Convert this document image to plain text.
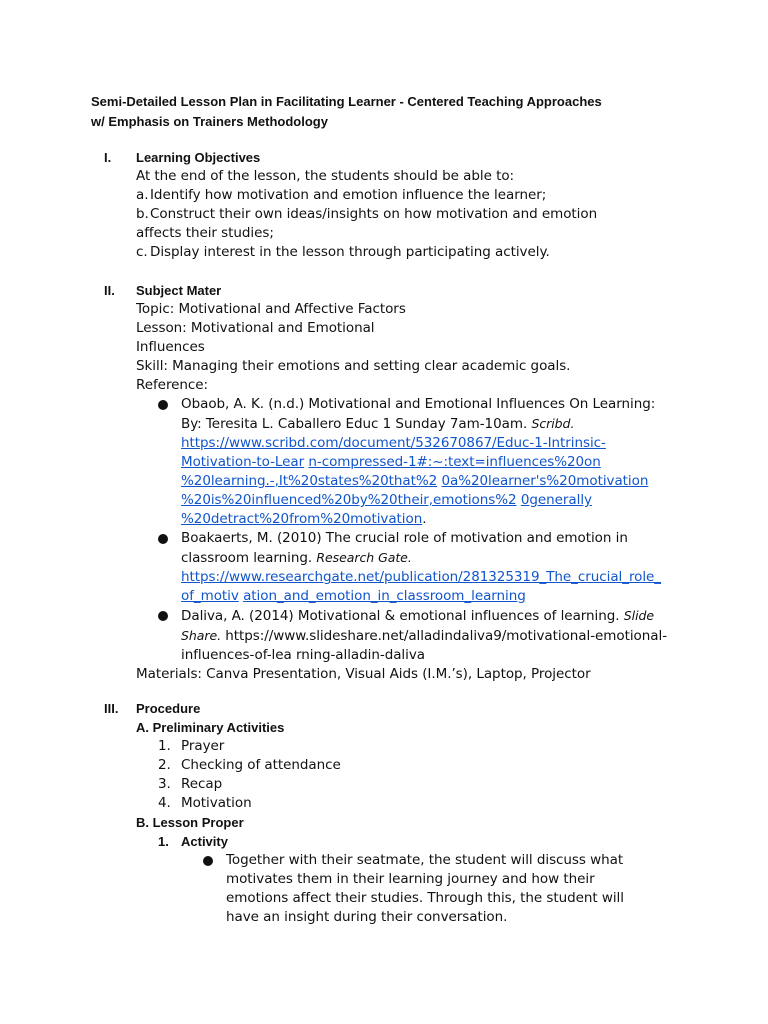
Semi-Detailed Lesson Plan in Facilitating Learner - Centered Teaching Approaches
w/ Emphasis on Trainers Methodology
I. Learning Objectives
At the end of the lesson, the students should be able to:
a. Identify how motivation and emotion influence the learner;
b. Construct their own ideas/insights on how motivation and emotion
affects their studies;
c. Display interest in the lesson through participating actively.
II. Subject Mater
Topic: Motivational and Affective Factors
Lesson: Motivational and Emotional
Influences
Skill: Managing their emotions and setting clear academic goals.
Reference:
Obaob, A. K. (n.d.) Motivational and Emotional Influences On Learning:
By: Teresita L. Caballero Educ 1 Sunday 7am-10am. Scribd.
https://www.scribd.com/document/532670867/Educ-1-Intrinsic-
Motivation-to-Lear n-compressed-1#:~:text=influences%20on
%20learning.-,It%20states%20that%2 0a%20learner's%20motivation
%20is%20influenced%20by%20their,emotions%2 0generally
%20detract%20from%20motivation.
Boakaerts, M. (2010) The crucial role of motivation and emotion in
classroom learning. Research Gate.
https://www.researchgate.net/publication/281325319_The_crucial_role_
of_motiv ation_and_emotion_in_classroom_learning
Daliva, A. (2014) Motivational & emotional influences of learning. Slide
Share. https://www.slideshare.net/alladindaliva9/motivational-emotional-
influences-of-lea rning-alladin-daliva
Materials: Canva Presentation, Visual Aids (I.M.’s), Laptop, Projector
III. Procedure
A. Preliminary Activities
1. Prayer
2. Checking of attendance
3. Recap
4. Motivation
B. Lesson Proper
1. Activity
Together with their seatmate, the student will discuss what
motivates them in their learning journey and how their
emotions affect their studies. Through this, the student will
have an insight during their conversation.
